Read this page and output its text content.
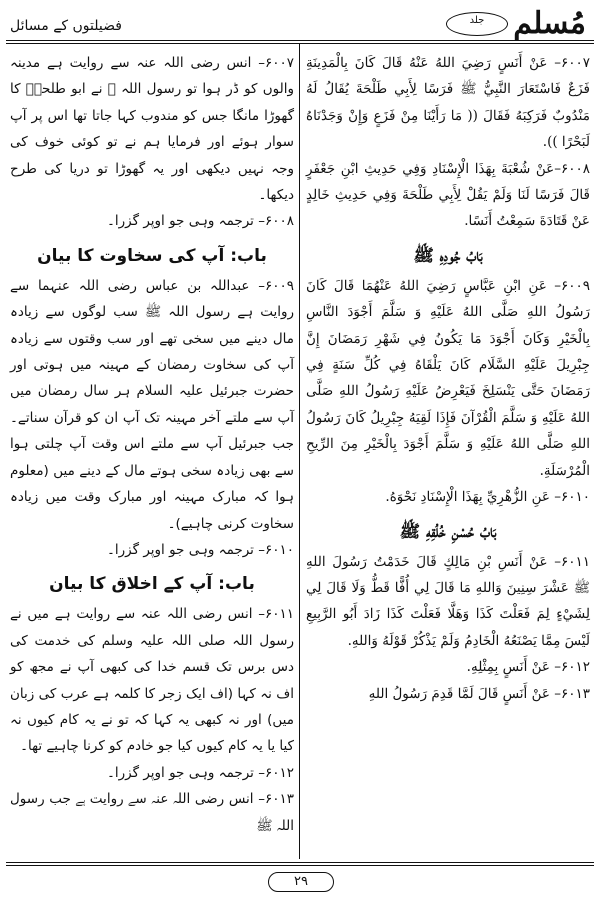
جلد مُسلم
فضیلتوں کے مسائل
۶۰۰۷– عَنْ أَنَسٍ رَضِيَ اللهُ عَنْهُ قَالَ كَانَ بِالْمَدِينَةِ فَزَعٌ فَاسْتَعَارَ النَّبِيُّ ﷺ فَرَسًا لِأَبِي طَلْحَةَ يُقَالُ لَهُ مَنْدُوبٌ فَرَكِبَهُ فَقَالَ (( مَا رَأَيْنَا مِنْ فَزَعٍ وَإِنْ وَجَدْنَاهُ لَبَحْرًا )).
۶۰۰۸–عَنْ شُعْبَةَ بِهَذَا الْإِسْنَادِ وَفِي حَدِيثِ ابْنِ جَعْفَرٍ قَالَ فَرَسًا لَنَا وَلَمْ يَقُلْ لِأَبِي طَلْحَةَ وَفِي حَدِيثِ خَالِدٍ عَنْ قَتَادَةَ سَمِعْتُ أَنَسًا.
بَابُ جُودِهِ ﷺ
۶۰۰۹– عَنِ ابْنِ عَبَّاسٍ رَضِيَ اللهُ عَنْهُمَا قَالَ كَانَ رَسُولُ اللهِ صَلَّى اللهُ عَلَيْهِ وَ سَلَّمَ أَجْوَدَ النَّاسِ بِالْخَيْرِ وَكَانَ أَجْوَدَ مَا يَكُونُ فِي شَهْرِ رَمَضَانَ إِنَّ جِبْرِيلَ عَلَيْهِ السَّلَام كَانَ يَلْقَاهُ فِي كُلِّ سَنَةٍ فِي رَمَضَانَ حَتَّى يَنْسَلِخَ فَيَعْرِضُ عَلَيْهِ رَسُولُ اللهِ صَلَّى اللهُ عَلَيْهِ وَ سَلَّمَ الْقُرْآنَ فَإِذَا لَقِيَهُ جِبْرِيلُ كَانَ رَسُولُ اللهِ صَلَّى اللهُ عَلَيْهِ وَ سَلَّمَ أَجْوَدَ بِالْخَيْرِ مِنَ الرِّيحِ الْمُرْسَلَةِ.
۶۰۱۰– عَنِ الزُّهْرِيِّ بِهَذَا الْإِسْنَادِ نَحْوَهُ.
بَابُ حُسْنِ خُلُقِهِ ﷺ
۶۰۱۱– عَنْ أَنَسِ بْنِ مَالِكٍ قَالَ خَدَمْتُ رَسُولَ اللهِ ﷺ عَشْرَ سِنِينَ وَاللهِ مَا قَالَ لِي أُفًّا قَطُّ وَلَا قَالَ لِي لِشَيْءٍ لِمَ فَعَلْتَ كَذَا وَهَلَّا فَعَلْتَ كَذَا زَادَ أَبُو الرَّبِيعِ لَيْسَ مِمَّا يَصْنَعُهُ الْخَادِمُ وَلَمْ يَذْكُرْ قَوْلَهُ وَاللهِ.
۶۰۱۲– عَنْ أَنَسٍ بِمِثْلِهِ.
۶۰۱۳– عَنْ أَنَسٍ قَالَ لَمَّا قَدِمَ رَسُولُ اللهِ
۶۰۰۷– انس رضی اللہ عنہ سے روایت ہے مدینہ والوں کو ڈر ہوا تو رسول اللہ ﷺ نے ابو طلحہؓ کا گھوڑا مانگا جس کو مندوب کہا جاتا تھا اس پر آپ سوار ہوئے اور فرمایا ہم نے تو کوئی خوف کی وجہ نہیں دیکھی اور یہ گھوڑا تو دریا کی طرح دیکھا۔
۶۰۰۸– ترجمہ وہی جو اوپر گزرا۔
باب: آپ کی سخاوت کا بیان
۶۰۰۹– عبداللہ بن عباس رضی اللہ عنہما سے روایت ہے رسول اللہ ﷺ سب لوگوں سے زیادہ مال دینے میں سخی تھے اور سب وقتوں سے زیادہ آپ کی سخاوت رمضان کے مہینہ میں ہوتی اور حضرت جبرئیل علیہ السلام ہر سال رمضان میں آپ سے ملتے آخر مہینہ تک آپ ان کو قرآن سناتے۔ جب جبرئیل آپ سے ملتے اس وقت آپ چلتی ہوا سے بھی زیادہ سخی ہوتے مال کے دینے میں (معلوم ہوا کہ مبارک مہینہ اور مبارک وقت میں زیادہ سخاوت کرنی چاہیے)۔
۶۰۱۰– ترجمہ وہی جو اوپر گزرا۔
باب: آپ کے اخلاق کا بیان
۶۰۱۱– انس رضی اللہ عنہ سے روایت ہے میں نے رسول اللہ صلی اللہ علیہ وسلم کی خدمت کی دس برس تک قسم خدا کی کبھی آپ نے مجھ کو اف نہ کہا (اف ایک زجر کا کلمہ ہے عرب کی زبان میں) اور نہ کبھی یہ کہا کہ تو نے یہ کام کیوں نہ کیا یا یہ کام کیوں کیا جو خادم کو کرنا چاہیے تھا۔
۶۰۱۲– ترجمہ وہی جو اوپر گزرا۔
۶۰۱۳– انس رضی اللہ عنہ سے روایت ہے جب رسول اللہ ﷺ
۲۹
